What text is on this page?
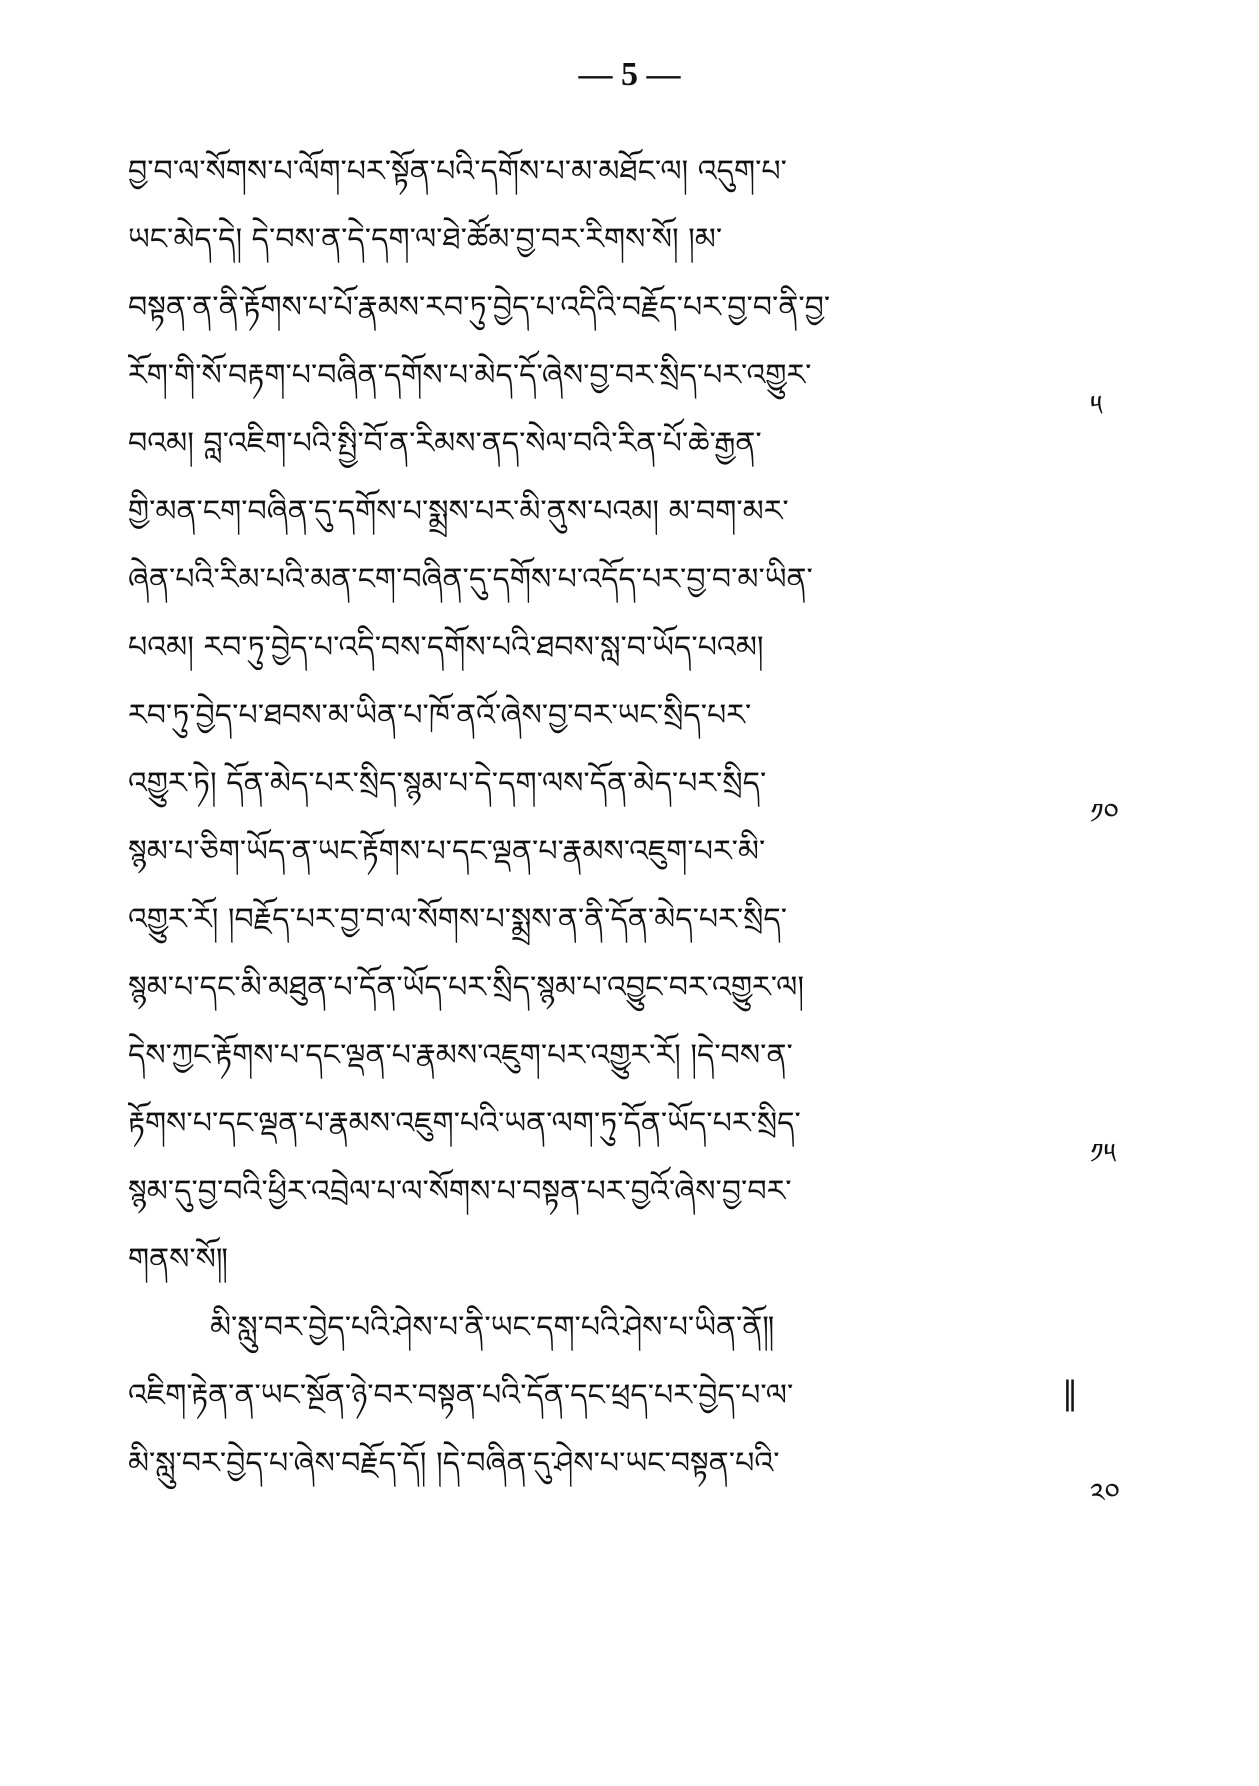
— 5 —
བྱ་བ་ལ་སོགས་པ་ལོག་པར་སྟོན་པའི་དགོས་པ་མ་མཐོང་ལ། འདུག་པ་
ཡང་མེད་དེ། དེ་བས་ན་དེ་དག་ལ་ཐེ་ཚོམ་བྱ་བར་རིགས་སོ། །མ་
བསྟན་ན་ནི་རྟོགས་པ་པོ་རྣམས་རབ་ཏུ་བྱེད་པ་འདིའི་བརྗོད་པར་བྱ་བ་ནི་བྱ་
རོག་གི་སོ་བརྟག་པ་བཞིན་དགོས་པ་མེད་དོ་ཞེས་བྱ་བར་སྲིད་པར་འགྱུར་
བའམ། བླ་འཇིག་པའི་སྤྱི་བོ་ན་རིམས་ནད་སེལ་བའི་རིན་པོ་ཆེ་རྒྱན་
གྱི་མན་ངག་བཞིན་དུ་དགོས་པ་སྨྲས་པར་མི་ནུས་པའམ། མ་བག་མར་
ཞེན་པའི་རིམ་པའི་མན་ངག་བཞིན་དུ་དགོས་པ་འདོད་པར་བྱ་བ་མ་ཡིན་
པའམ། རབ་ཏུ་བྱེད་པ་འདི་བས་དགོས་པའི་ཐབས་སླ་བ་ཡོད་པའམ།
རབ་ཏུ་བྱེད་པ་ཐབས་མ་ཡིན་པ་ཁོ་ནའོ་ཞེས་བྱ་བར་ཡང་སྲིད་པར་
འགྱུར་ཏེ། དོན་མེད་པར་སྲིད་སྙམ་པ་དེ་དག་ལས་དོན་མེད་པར་སྲིད་
སྙམ་པ་ཅིག་ཡོད་ན་ཡང་རྟོགས་པ་དང་ལྡན་པ་རྣམས་འཇུག་པར་མི་
འགྱུར་རོ། །བརྗོད་པར་བྱ་བ་ལ་སོགས་པ་སྨྲས་ན་ནི་དོན་མེད་པར་སྲིད་
སྙམ་པ་དང་མི་མཐུན་པ་དོན་ཡོད་པར་སྲིད་སྙམ་པ་འབྱུང་བར་འགྱུར་ལ།
དེས་ཀྱང་རྟོགས་པ་དང་ལྡན་པ་རྣམས་འཇུག་པར་འགྱུར་རོ། །དེ་བས་ན་
རྟོགས་པ་དང་ལྡན་པ་རྣམས་འཇུག་པའི་ཡན་ལག་ཏུ་དོན་ཡོད་པར་སྲིད་
སྙམ་དུ་བྱ་བའི་ཕྱིར་འབྲེལ་པ་ལ་སོགས་པ་བསྟན་པར་བྱའོ་ཞེས་བྱ་བར་
གནས་སོ༎
མི་སླུ་བར་བྱེད་པའི་ཤེས་པ་ནི་ཡང་དག་པའི་ཤེས་པ་ཡིན་ནོ༎
འཇིག་རྟེན་ན་ཡང་སྔོན་ཉེ་བར་བསྟན་པའི་དོན་དང་ཕྲད་པར་བྱེད་པ་ལ་
མི་སླུ་བར་བྱེད་པ་ཞེས་བརྗོད་དོ། །དེ་བཞིན་དུ་ཤེས་པ་ཡང་བསྟན་པའི་
‖
༥
༡༠
༡༥
༢༠
